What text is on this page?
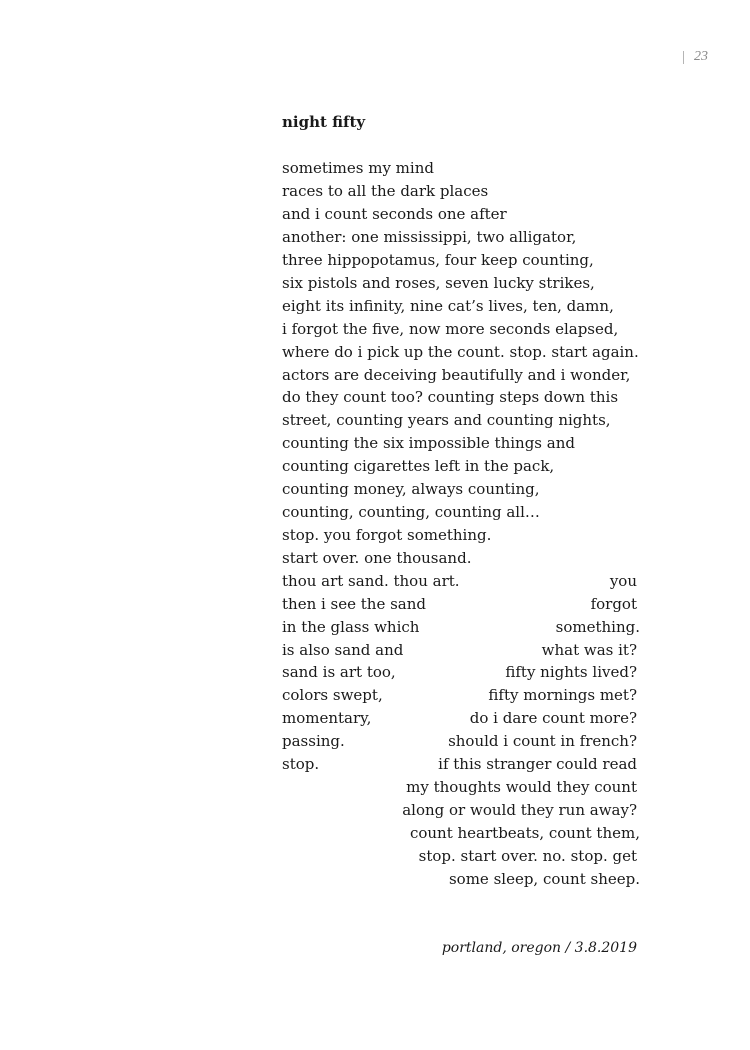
23
night fifty
sometimes my mind
races to all the dark places
and i count seconds one after
another: one mississippi, two alligator,
three hippopotamus, four keep counting,
six pistols and roses, seven lucky strikes,
eight its infinity, nine cat’s lives, ten, damn,
i forgot the five, now more seconds elapsed,
where do i pick up the count. stop. start again.
actors are deceiving beautifully and i wonder,
do they count too? counting steps down this
street, counting years and counting nights,
counting the six impossible things and
counting cigarettes left in the pack,
counting money, always counting,
counting, counting, counting all…
stop. you forgot something.
start over. one thousand.
thou art sand. thou art.
then i see the sand
in the glass which
is also sand and
sand is art too,
colors swept,
momentary,
passing.
stop.
you
forgot
something.
what was it?
fifty nights lived?
fifty mornings met?
do i dare count more?
should i count in french?
if this stranger could read
my thoughts would they count
along or would they run away?
count heartbeats, count them,
stop. start over. no. stop. get
some sleep, count sheep.
portland, oregon / 3.8.2019
